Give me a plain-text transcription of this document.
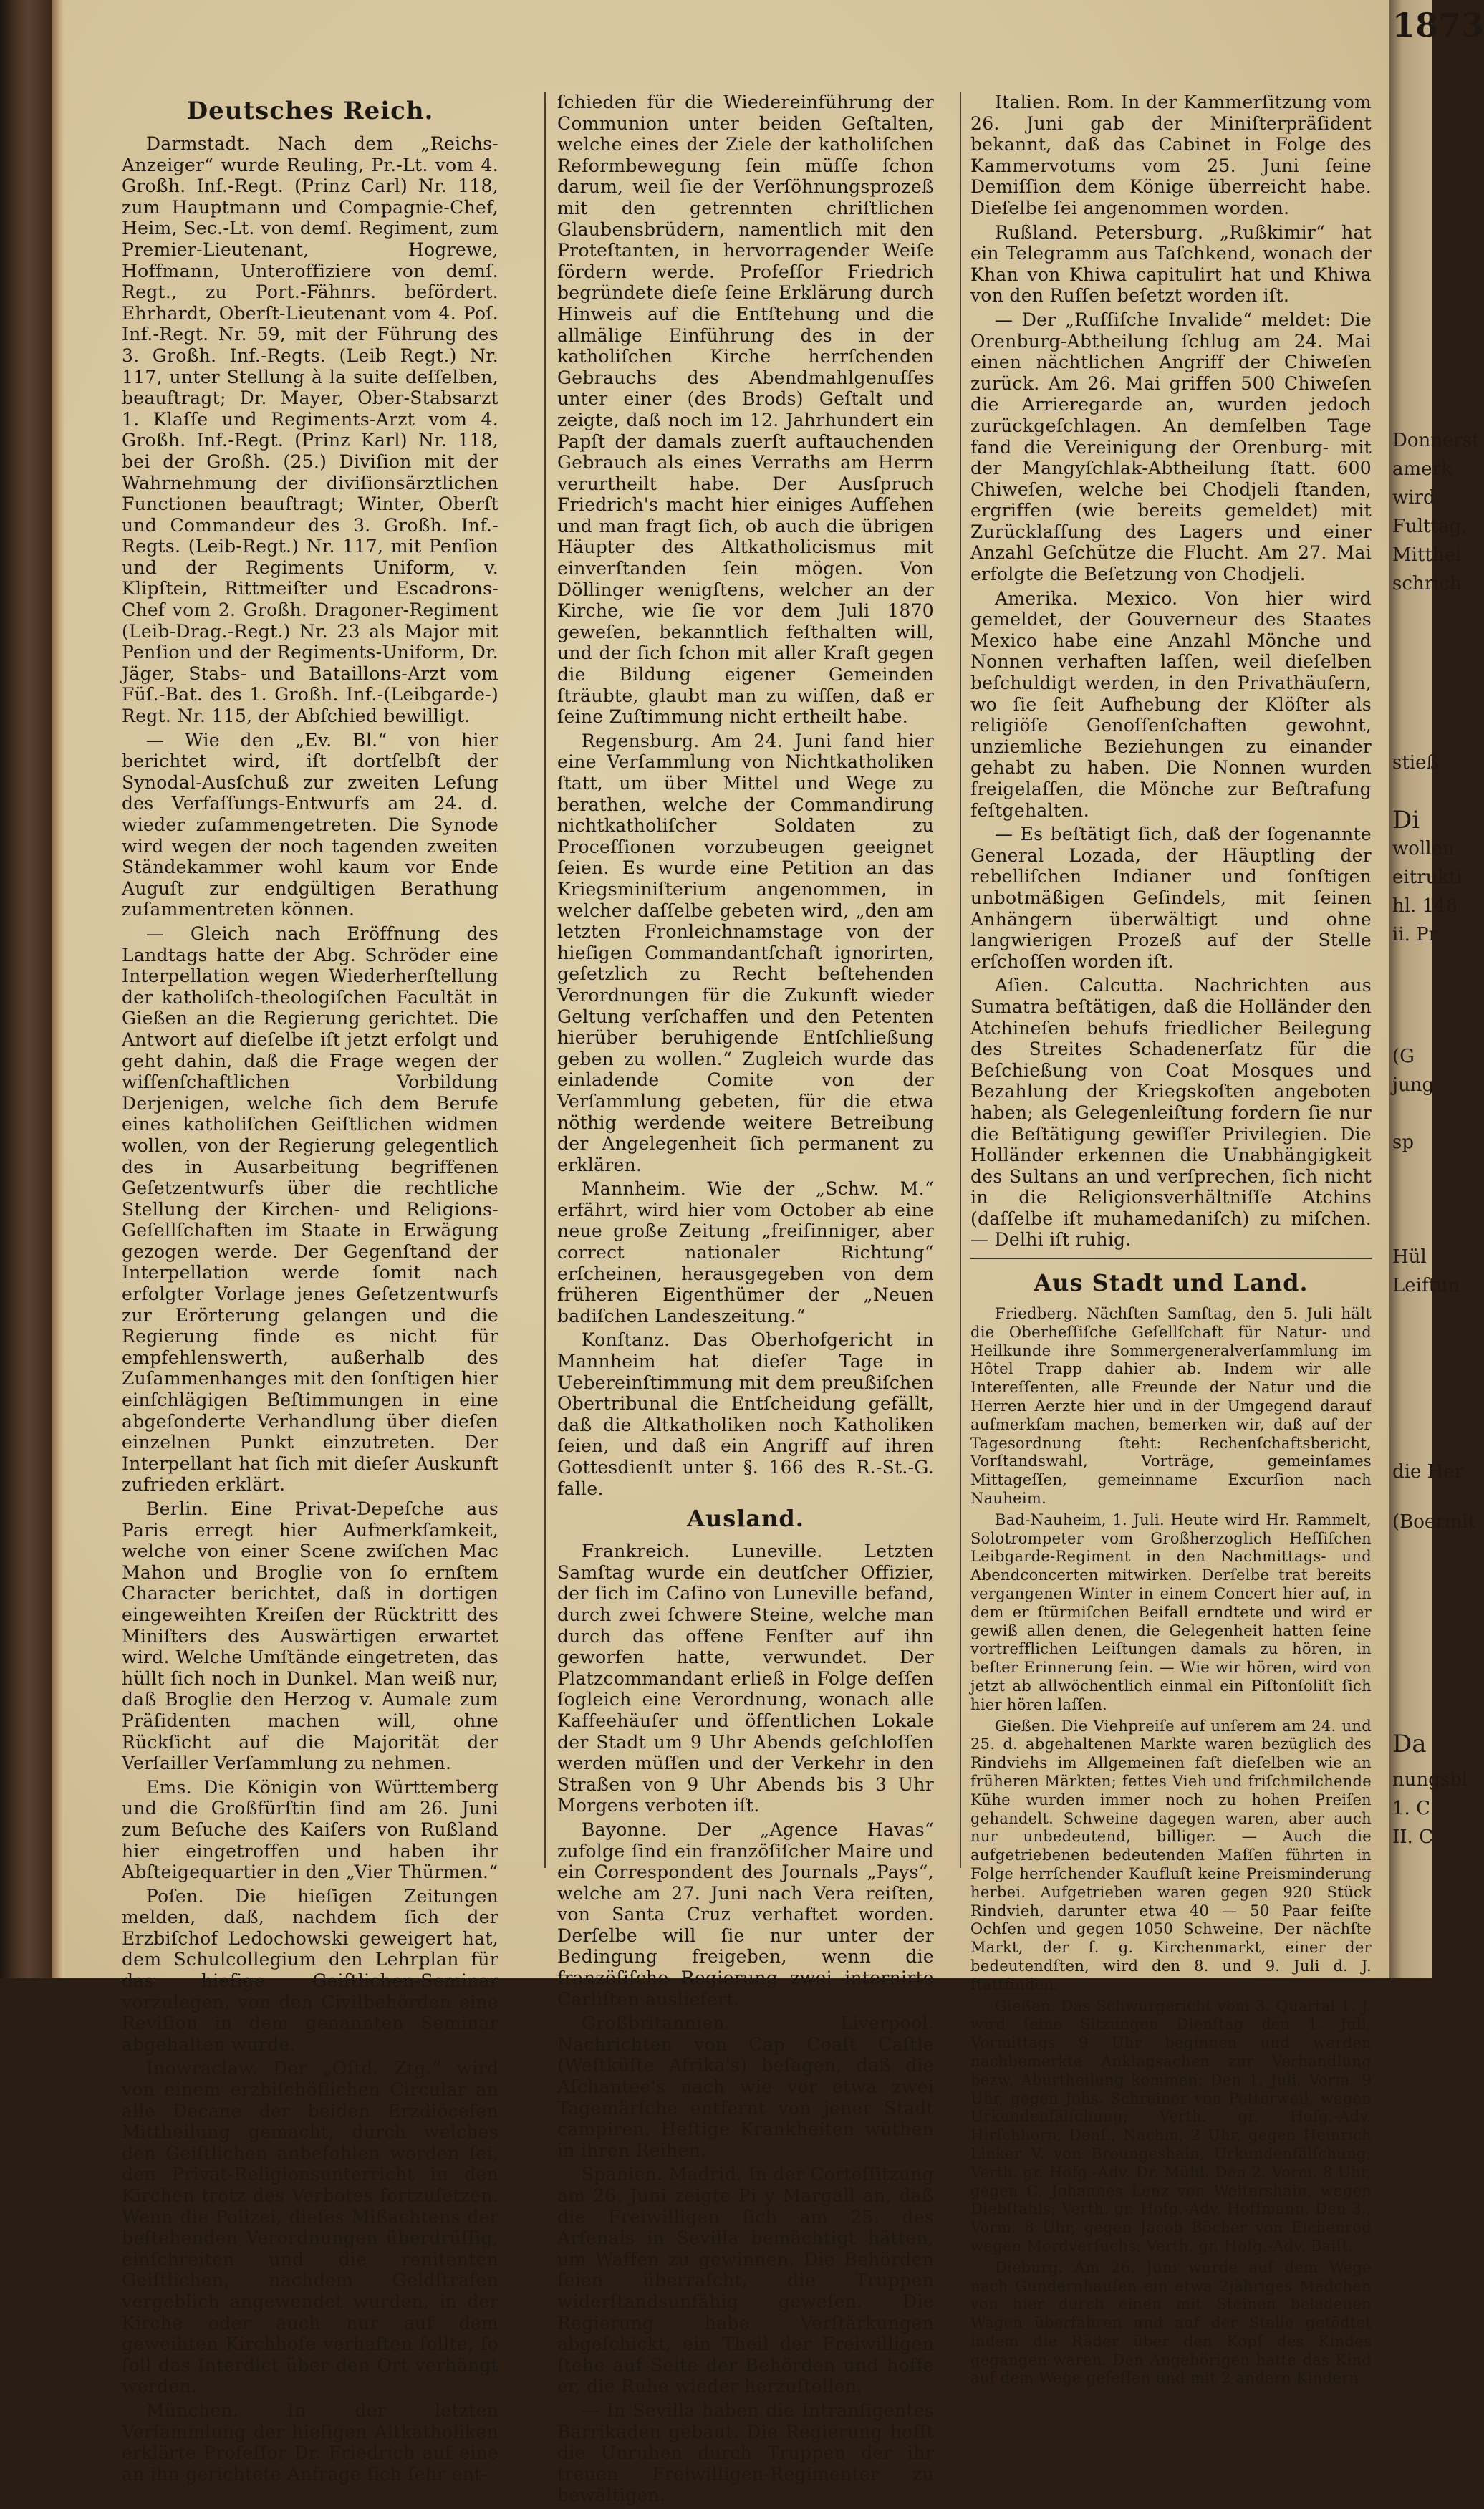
1873
Donnerst
amerk
wird
Fulttag,
Mitthei
schrich
stieß
Di
wollen
eitrukti
hl. 148
ii. Pr
(G
jung
sp
Hül
Leiftun
die Her
(Boermit
Da
nungsbl
1. C
II. C
Deutsches Reich.

Darmstadt. Nach dem „Reichs-Anzeiger“ wurde Reuling, Pr.-Lt. vom 4. Großh. Inf.-Regt. (Prinz Carl) Nr. 118, zum Hauptmann und Compagnie-Chef, Heim, Sec.-Lt. von demſ. Regiment, zum Premier-Lieutenant, Hogrewe, Hoffmann, Unteroffiziere von demſ. Regt., zu Port.-Fähnrs. befördert. Ehrhardt, Oberſt-Lieutenant vom 4. Poſ. Inf.-Regt. Nr. 59, mit der Führung des 3. Großh. Inf.-Regts. (Leib Regt.) Nr. 117, unter Stellung à la suite deſſelben, beauftragt; Dr. Mayer, Ober-Stabsarzt 1. Klaſſe und Regiments-Arzt vom 4. Großh. Inf.-Regt. (Prinz Karl) Nr. 118, bei der Großh. (25.) Diviſion mit der Wahrnehmung der diviſionsärztlichen Functionen beauftragt; Winter, Oberſt und Commandeur des 3. Großh. Inf.-Regts. (Leib-Regt.) Nr. 117, mit Penſion und der Regiments Uniform, v. Klipſtein, Rittmeiſter und Escadrons-Chef vom 2. Großh. Dragoner-Regiment (Leib-Drag.-Regt.) Nr. 23 als Major mit Penſion und der Regiments-Uniform, Dr. Jäger, Stabs- und Bataillons-Arzt vom Füſ.-Bat. des 1. Großh. Inf.-(Leibgarde-) Regt. Nr. 115, der Abſchied bewilligt.

— Wie den „Ev. Bl.“ von hier berichtet wird, iſt dortſelbſt der Synodal-Ausſchuß zur zweiten Leſung des Verfaſſungs-Entwurfs am 24. d. wieder zuſammengetreten. Die Synode wird wegen der noch tagenden zweiten Ständekammer wohl kaum vor Ende Auguſt zur endgültigen Berathung zuſammentreten können.

— Gleich nach Eröffnung des Landtags hatte der Abg. Schröder eine Interpellation wegen Wiederherſtellung der katholiſch-theologiſchen Facultät in Gießen an die Regierung gerichtet. Die Antwort auf dieſelbe iſt jetzt erfolgt und geht dahin, daß die Frage wegen der wiſſenſchaftlichen Vorbildung Derjenigen, welche ſich dem Berufe eines katholiſchen Geiſtlichen widmen wollen, von der Regierung gelegentlich des in Ausarbeitung begriffenen Geſetzentwurfs über die rechtliche Stellung der Kirchen- und Religions-Geſellſchaften im Staate in Erwägung gezogen werde. Der Gegenſtand der Interpellation werde ſomit nach erfolgter Vorlage jenes Geſetzentwurfs zur Erörterung gelangen und die Regierung finde es nicht für empfehlenswerth, außerhalb des Zuſammenhanges mit den ſonſtigen hier einſchlägigen Beſtimmungen in eine abgeſonderte Verhandlung über dieſen einzelnen Punkt einzutreten. Der Interpellant hat ſich mit dieſer Auskunft zufrieden erklärt.

Berlin. Eine Privat-Depeſche aus Paris erregt hier Aufmerkſamkeit, welche von einer Scene zwiſchen Mac Mahon und Broglie von ſo ernſtem Character berichtet, daß in dortigen eingeweihten Kreiſen der Rücktritt des Miniſters des Auswärtigen erwartet wird. Welche Umſtände eingetreten, das hüllt ſich noch in Dunkel. Man weiß nur, daß Broglie den Herzog v. Aumale zum Präſidenten machen will, ohne Rückſicht auf die Majorität der Verſailler Verſammlung zu nehmen.

Ems. Die Königin von Württemberg und die Großfürſtin ſind am 26. Juni zum Beſuche des Kaiſers von Rußland hier eingetroffen und haben ihr Abſteigequartier in den „Vier Thürmen.“

Poſen. Die hieſigen Zeitungen melden, daß, nachdem ſich der Erzbiſchof Ledochowski geweigert hat, dem Schulcollegium den Lehrplan für das hieſige Geiſtlichen-Seminar vorzulegen, von den Civilbehörden eine Reviſion in dem genannten Seminar abgehalten wurde.

Inowraclaw. Der „Oſtd. Ztg.“ wird von einem erzbiſchöflichen Circular an alle Decane der beiden Erzdiöceſen Mittheilung gemacht, durch welches den Geiſtlichen anbefohlen worden ſei, den Privat-Religionsunterricht in den Kirchen trotz des Verbotes fortzuſetzen. Wenn die Polizei, dieſes Mißachtens der beſtehenden Verordnungen überdrüſſig, einſchreiten und die renitenten Geiſtlichen, nachdem Geldſtrafen vergeblich angewendet wurden, in der Kirche oder auch nur auf dem geweihten Kirchhofe verhaften ſollte, ſo ſoll das Interdict über den Ort verhängt werden.

München. In der letzten Verſammlung der hieſigen Altkatholiken erklärte Profeſſor Dr. Friedrich auf eine an ihn gerichtete Anfrage ſich ſehr ent-

ſchieden für die Wiedereinführung der Communion unter beiden Geſtalten, welche eines der Ziele der katholiſchen Reformbewegung ſein müſſe ſchon darum, weil ſie der Verſöhnungsprozeß mit den getrennten chriſtlichen Glaubensbrüdern, namentlich mit den Proteſtanten, in hervorragender Weiſe fördern werde. Profeſſor Friedrich begründete dieſe ſeine Erklärung durch Hinweis auf die Entſtehung und die allmälige Einführung des in der katholiſchen Kirche herrſchenden Gebrauchs des Abendmahlgenuſſes unter einer (des Brods) Geſtalt und zeigte, daß noch im 12. Jahrhundert ein Papſt der damals zuerſt auftauchenden Gebrauch als eines Verraths am Herrn verurtheilt habe. Der Ausſpruch Friedrich's macht hier einiges Aufſehen und man fragt ſich, ob auch die übrigen Häupter des Altkatholicismus mit einverſtanden ſein mögen. Von Döllinger wenigſtens, welcher an der Kirche, wie ſie vor dem Juli 1870 geweſen, bekanntlich feſthalten will, und der ſich ſchon mit aller Kraft gegen die Bildung eigener Gemeinden ſträubte, glaubt man zu wiſſen, daß er ſeine Zuſtimmung nicht ertheilt habe.

Regensburg. Am 24. Juni fand hier eine Verſammlung von Nichtkatholiken ſtatt, um über Mittel und Wege zu berathen, welche der Commandirung nichtkatholiſcher Soldaten zu Proceſſionen vorzubeugen geeignet ſeien. Es wurde eine Petition an das Kriegsminiſterium angenommen, in welcher daſſelbe gebeten wird, „den am letzten Fronleichnamstage von der hieſigen Commandantſchaft ignorirten, geſetzlich zu Recht beſtehenden Verordnungen für die Zukunft wieder Geltung verſchaffen und den Petenten hierüber beruhigende Entſchließung geben zu wollen.“ Zugleich wurde das einladende Comite von der Verſammlung gebeten, für die etwa nöthig werdende weitere Betreibung der Angelegenheit ſich permanent zu erklären.

Mannheim. Wie der „Schw. M.“ erfährt, wird hier vom October ab eine neue große Zeitung „freiſinniger, aber correct nationaler Richtung“ erſcheinen, herausgegeben von dem früheren Eigenthümer der „Neuen badiſchen Landeszeitung.“

Konſtanz. Das Oberhofgericht in Mannheim hat dieſer Tage in Uebereinſtimmung mit dem preußiſchen Obertribunal die Entſcheidung gefällt, daß die Altkatholiken noch Katholiken ſeien, und daß ein Angriff auf ihren Gottesdienſt unter §. 166 des R.-St.-G. falle.

Ausland.

Frankreich. Luneville. Letzten Samſtag wurde ein deutſcher Offizier, der ſich im Caſino von Luneville befand, durch zwei ſchwere Steine, welche man durch das offene Fenſter auf ihn geworfen hatte, verwundet. Der Platzcommandant erließ in Folge deſſen ſogleich eine Verordnung, wonach alle Kaffeehäuſer und öffentlichen Lokale der Stadt um 9 Uhr Abends geſchloſſen werden müſſen und der Verkehr in den Straßen von 9 Uhr Abends bis 3 Uhr Morgens verboten iſt.

Bayonne. Der „Agence Havas“ zufolge ſind ein franzöſiſcher Maire und ein Correspondent des Journals „Pays“, welche am 27. Juni nach Vera reiſten, von Santa Cruz verhaftet worden. Derſelbe will ſie nur unter der Bedingung freigeben, wenn die franzöſiſche Regierung zwei internirte Carliſten ausliefert.

Großbritannien. Liverpool. Nachrichten von Cap Coaſt Caſtle (Weſtküſte Afrika's) beſagen, daß die Aſchantee's nach wie vor etwa zwei Tagemärſche entfernt von jener Stadt campiren. Heftige Krankheiten wüthen in ihren Reihen.

Spanien. Madrid. In der Corteſſitzung am 26. Juni zeigte Pi y Margall an, daß die Freiwilligen ſich am 25. des Arſenals in Sevilla bemächtigt hätten, um Waffen zu gewinnen. Die Behörden ſeien überraſcht, die Truppen widerſtandsunfähig geweſen. Die Regierung habe Verſtärkungen abgeſchickt, ein Theil der Freiwilligen ſtehe auf Seite der Behörden und hoffe er, die Ruhe wieder herzuſtellen.

— In Sevilla haben die Intranſigentes Barrikaden gebaut. Die Regierung hofft die Unruhen durch Truppen der ihr treuen Freiwilligen-Regimenter zu bewältigen.

Italien. Rom. In der Kammerſitzung vom 26. Juni gab der Miniſterpräſident bekannt, daß das Cabinet in Folge des Kammervotums vom 25. Juni ſeine Demiſſion dem Könige überreicht habe. Dieſelbe ſei angenommen worden.

Rußland. Petersburg. „Rußkimir“ hat ein Telegramm aus Taſchkend, wonach der Khan von Khiwa capitulirt hat und Khiwa von den Ruſſen beſetzt worden iſt.

— Der „Ruſſiſche Invalide“ meldet: Die Orenburg-Abtheilung ſchlug am 24. Mai einen nächtlichen Angriff der Chiweſen zurück. Am 26. Mai griffen 500 Chiweſen die Arrieregarde an, wurden jedoch zurückgeſchlagen. An demſelben Tage fand die Vereinigung der Orenburg- mit der Mangyſchlak-Abtheilung ſtatt. 600 Chiweſen, welche bei Chodjeli ſtanden, ergriffen (wie bereits gemeldet) mit Zurücklaſſung des Lagers und einer Anzahl Geſchütze die Flucht. Am 27. Mai erfolgte die Beſetzung von Chodjeli.

Amerika. Mexico. Von hier wird gemeldet, der Gouverneur des Staates Mexico habe eine Anzahl Mönche und Nonnen verhaften laſſen, weil dieſelben beſchuldigt werden, in den Privathäuſern, wo ſie ſeit Aufhebung der Klöſter als religiöſe Genoſſenſchaften gewohnt, unziemliche Beziehungen zu einander gehabt zu haben. Die Nonnen wurden freigelaſſen, die Mönche zur Beſtrafung feſtgehalten.

— Es beſtätigt ſich, daß der ſogenannte General Lozada, der Häuptling der rebelliſchen Indianer und ſonſtigen unbotmäßigen Geſindels, mit ſeinen Anhängern überwältigt und ohne langwierigen Prozeß auf der Stelle erſchoſſen worden iſt.

Aſien. Calcutta. Nachrichten aus Sumatra beſtätigen, daß die Holländer den Atchineſen behufs friedlicher Beilegung des Streites Schadenerſatz für die Beſchießung von Coat Mosques und Bezahlung der Kriegskoſten angeboten haben; als Gelegenleiſtung fordern ſie nur die Beſtätigung gewiſſer Privilegien. Die Holländer erkennen die Unabhängigkeit des Sultans an und verſprechen, ſich nicht in die Religionsverhältniſſe Atchins (daſſelbe iſt muhamedaniſch) zu miſchen. — Delhi iſt ruhig.

Aus Stadt und Land.

Friedberg. Nächſten Samſtag, den 5. Juli hält die Oberheſſiſche Geſellſchaft für Natur- und Heilkunde ihre Sommergeneralverſammlung im Hôtel Trapp dahier ab. Indem wir alle Intereſſenten, alle Freunde der Natur und die Herren Aerzte hier und in der Umgegend darauf aufmerkſam machen, bemerken wir, daß auf der Tagesordnung ſteht: Rechenſchaftsbericht, Vorſtandswahl, Vorträge, gemeinſames Mittageſſen, gemeinname Excurſion nach Nauheim.

Bad-Nauheim, 1. Juli. Heute wird Hr. Rammelt, Solotrompeter vom Großherzoglich Heſſiſchen Leibgarde-Regiment in den Nachmittags- und Abendconcerten mitwirken. Derſelbe trat bereits vergangenen Winter in einem Concert hier auf, in dem er ſtürmiſchen Beifall erndtete und wird er gewiß allen denen, die Gelegenheit hatten ſeine vortrefflichen Leiſtungen damals zu hören, in beſter Erinnerung ſein. — Wie wir hören, wird von jetzt ab allwöchentlich einmal ein Piſtonſoliſt ſich hier hören laſſen.

Gießen. Die Viehpreiſe auf unſerem am 24. und 25. d. abgehaltenen Markte waren bezüglich des Rindviehs im Allgemeinen faſt dieſelben wie an früheren Märkten; fettes Vieh und friſchmilchende Kühe wurden immer noch zu hohen Preiſen gehandelt. Schweine dagegen waren, aber auch nur unbedeutend, billiger. — Auch die aufgetriebenen bedeutenden Maſſen führten in Folge herrſchender Kaufluſt keine Preisminderung herbei. Aufgetrieben waren gegen 920 Stück Rindvieh, darunter etwa 40 — 50 Paar feiſte Ochſen und gegen 1050 Schweine. Der nächſte Markt, der ſ. g. Kirchenmarkt, einer der bedeutendſten, wird den 8. und 9. Juli d. J. ſtattfinden.

Gießen. Das Schwurgericht vom 3. Quartal 1. J. wird ſeine Sitzungen Dienſtag den 1. Juli, Vormittags 9 Uhr beginnen und werden nachbemerkte Anklagsachen zur Verhandlung bezw. Aburtheilung kommen: Den 1. Juli, Vorm. 9 Uhr, gegen Johs. Schreiner von Petterweil, wegen Urkundenfälſchung; Verth. gr. Hofg.-Adv. Hirſchhorn, Denſ., Nachm. 2 Uhr, gegen Heinrich Linker V. von Breungeshain, Urkundenfälſchung; Verth. gr. Hofg.-Adv. Dr. Mühl. Den 2. Vorm. 8 Uhr, gegen C. Johannes Lenz von Weitershain, wegen Diebſtahls; Verth. gr. Hofg.-Adv. Hoffmann. Den 3., Vorm. 8 Uhr, gegen Jacob Böcher von Eichenrod wegen Mordverſuchs; Verth. gr. Hofg.-Adv. Baiſt.

Dieburg. Am 26. Juni wurde auf dem Wege nach Gundernhauſen ein etwa 2jähriges Mädchen von hier durch einen mit Steinen beladenen Wagen überfahren und auf der Stelle getödtet indem die Räder über den Kopf des Kindes gegangen waren. Den Angehörigen hatte das Kind auf dem Wege geſeſſen und mit 2 andern Kindern
